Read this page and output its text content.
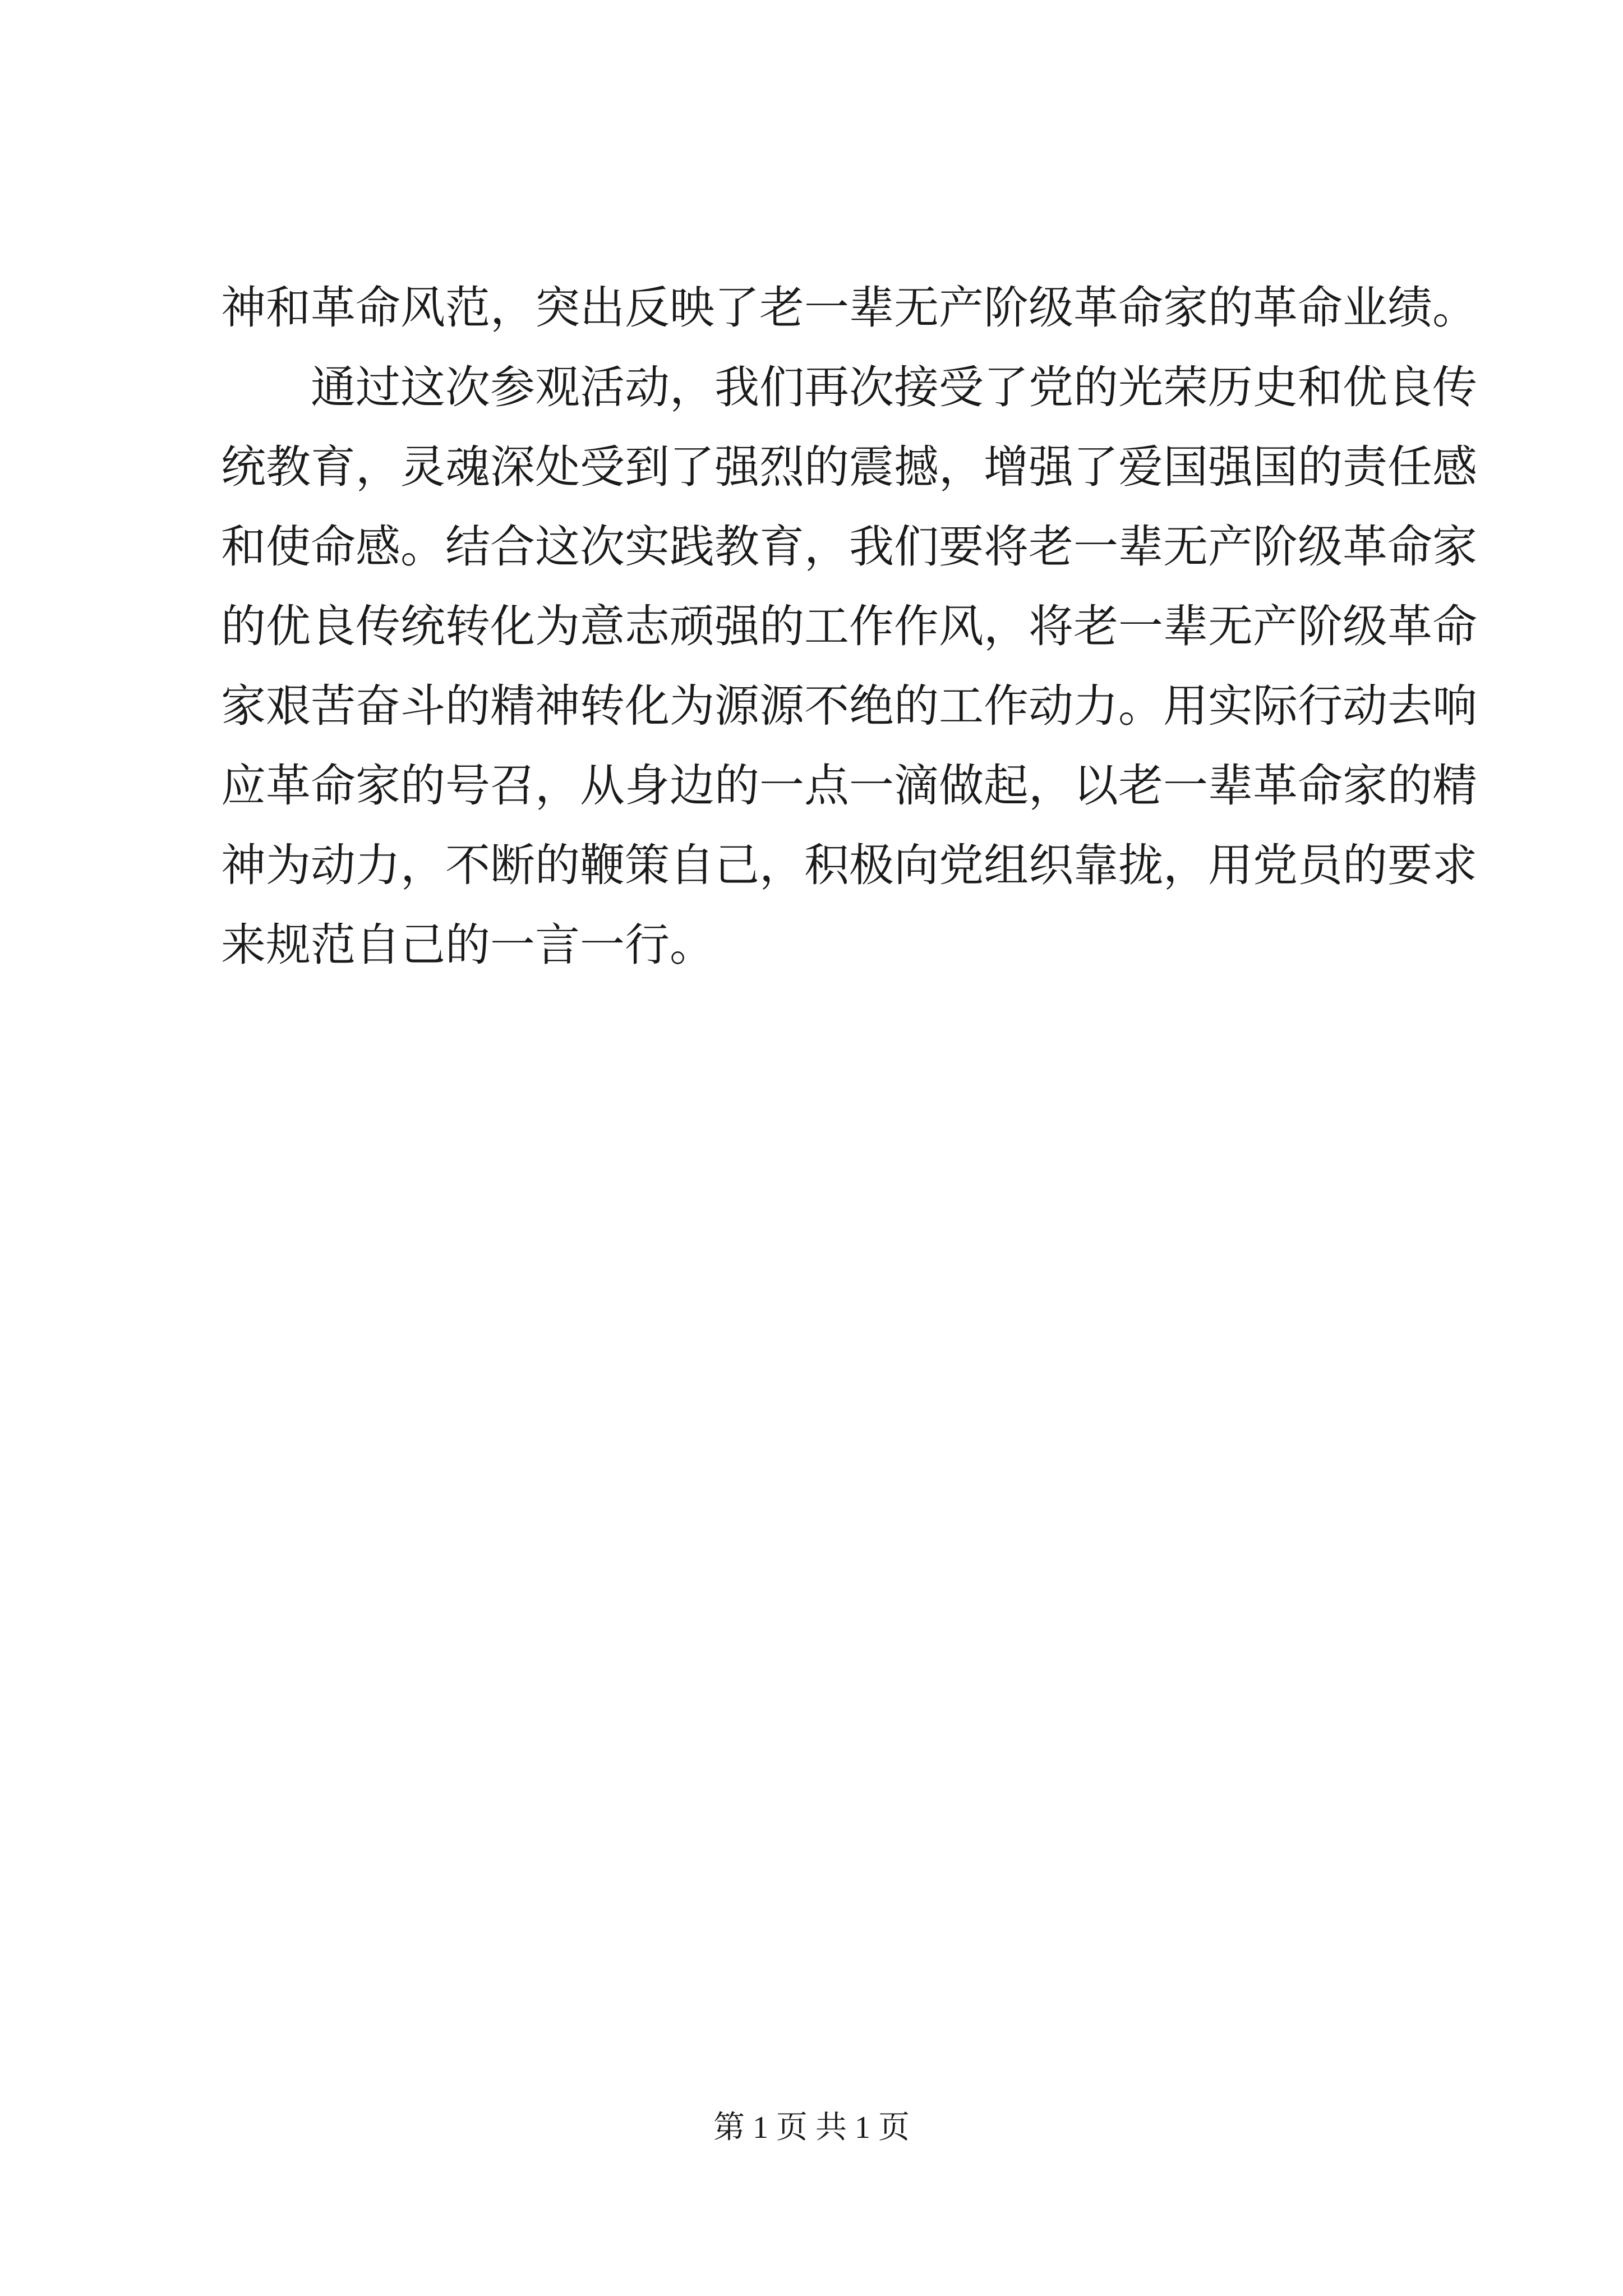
神和革命风范，突出反映了老一辈无产阶级革命家的革命业绩。
通过这次参观活动，我们再次接受了党的光荣历史和优良传
统教育，灵魂深处受到了强烈的震撼，增强了爱国强国的责任感
和使命感。结合这次实践教育，我们要将老一辈无产阶级革命家
的优良传统转化为意志顽强的工作作风，将老一辈无产阶级革命
家艰苦奋斗的精神转化为源源不绝的工作动力。用实际行动去响
应革命家的号召，从身边的一点一滴做起，以老一辈革命家的精
神为动力，不断的鞭策自己，积极向党组织靠拢，用党员的要求
来规范自己的一言一行。
第 1 页 共 1 页
